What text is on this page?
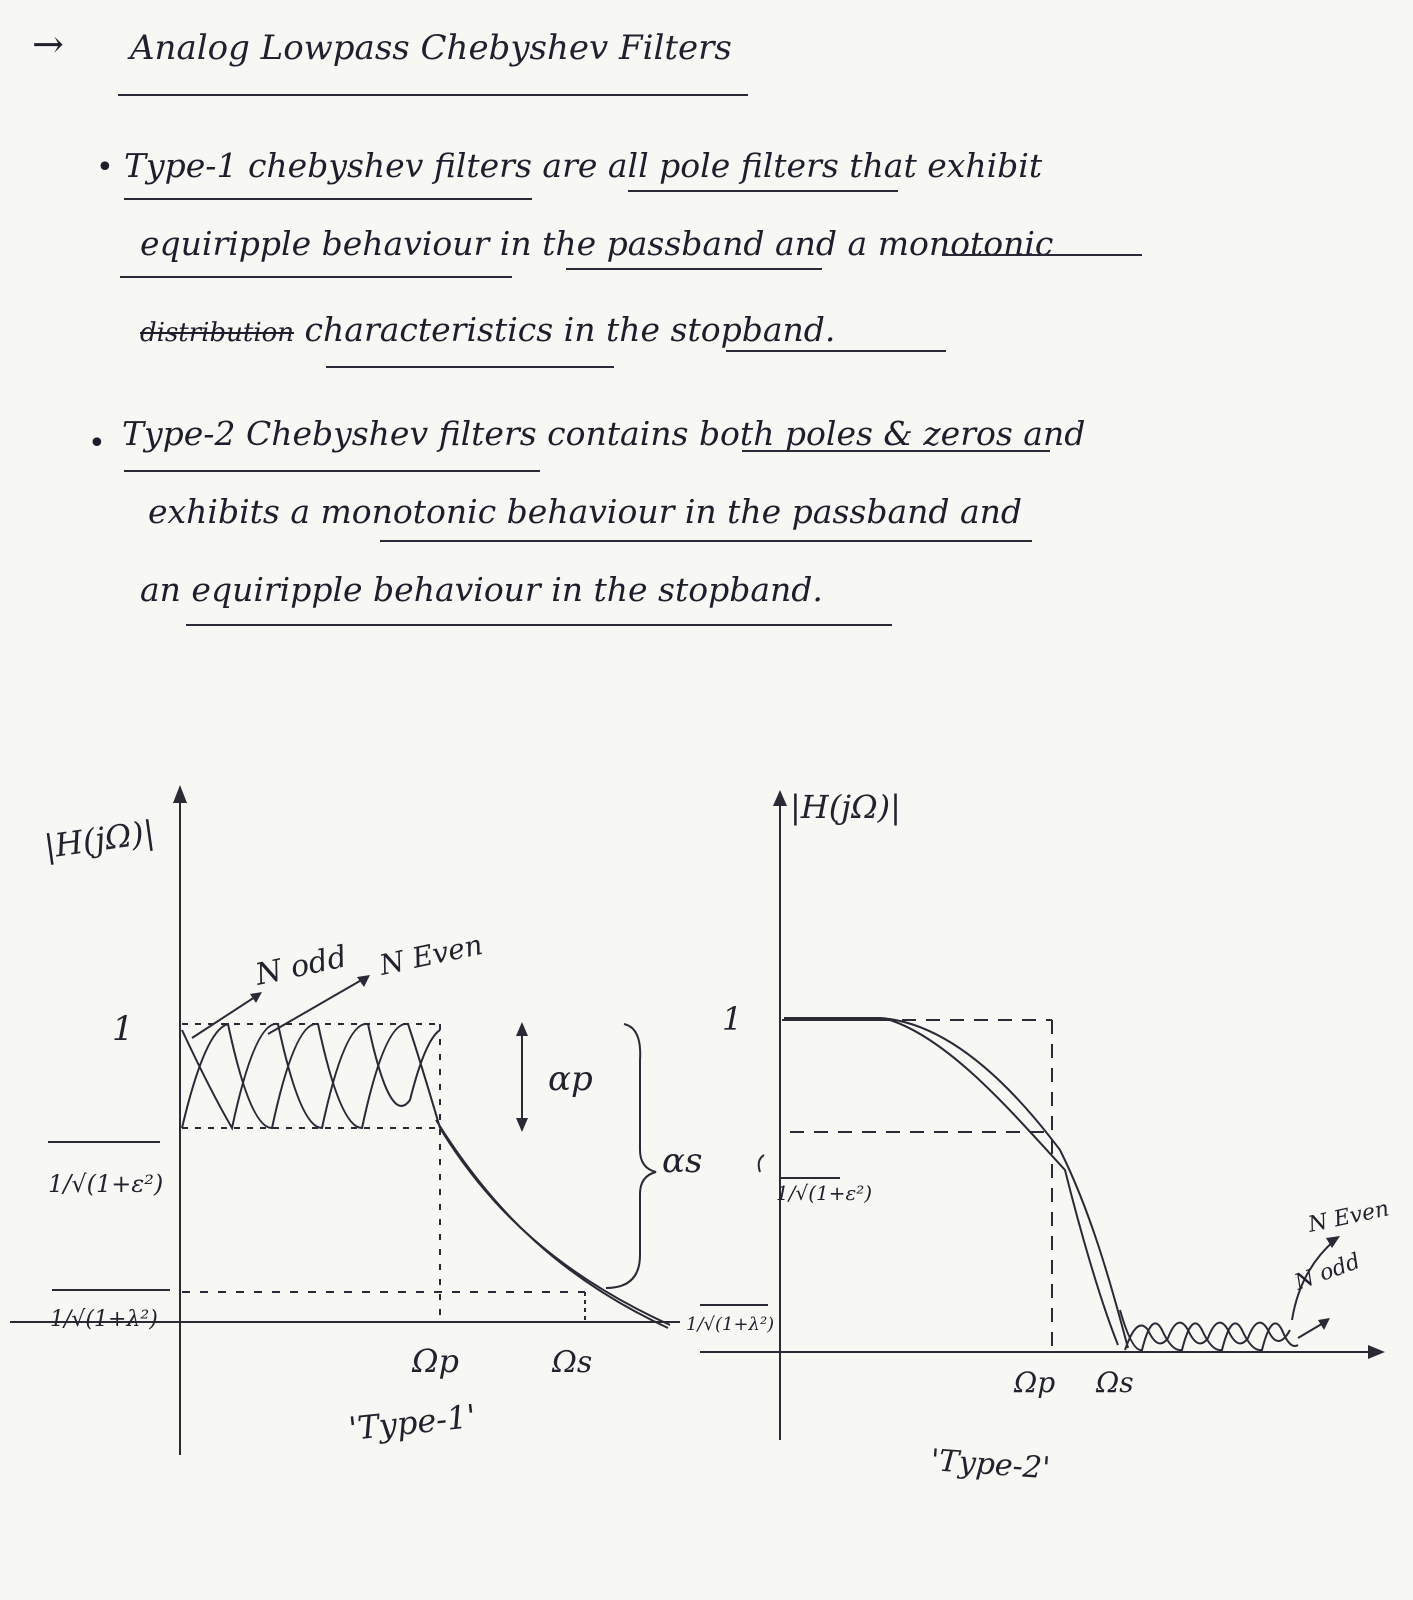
→ Analog Lowpass Chebyshev Filters
• Type-1 chebyshev filters are all pole filters that exhibit
equiripple behaviour in the passband and a monotonic
distribution characteristics in the stopband.
• Type-2 Chebyshev filters contains both poles & zeros and
exhibits a monotonic behaviour in the passband and
an equiripple behaviour in the stopband.
|H(jΩ)|
1
1/√(1+ε²)
1/√(1+λ²)
N odd N Even
αp
αs
Ωp	Ωs
'Type-1'
|H(jΩ)|
1
1/√(1+ε²)
1/√(1+λ²)
N Even
N odd
Ωp Ωs
'Type-2'
